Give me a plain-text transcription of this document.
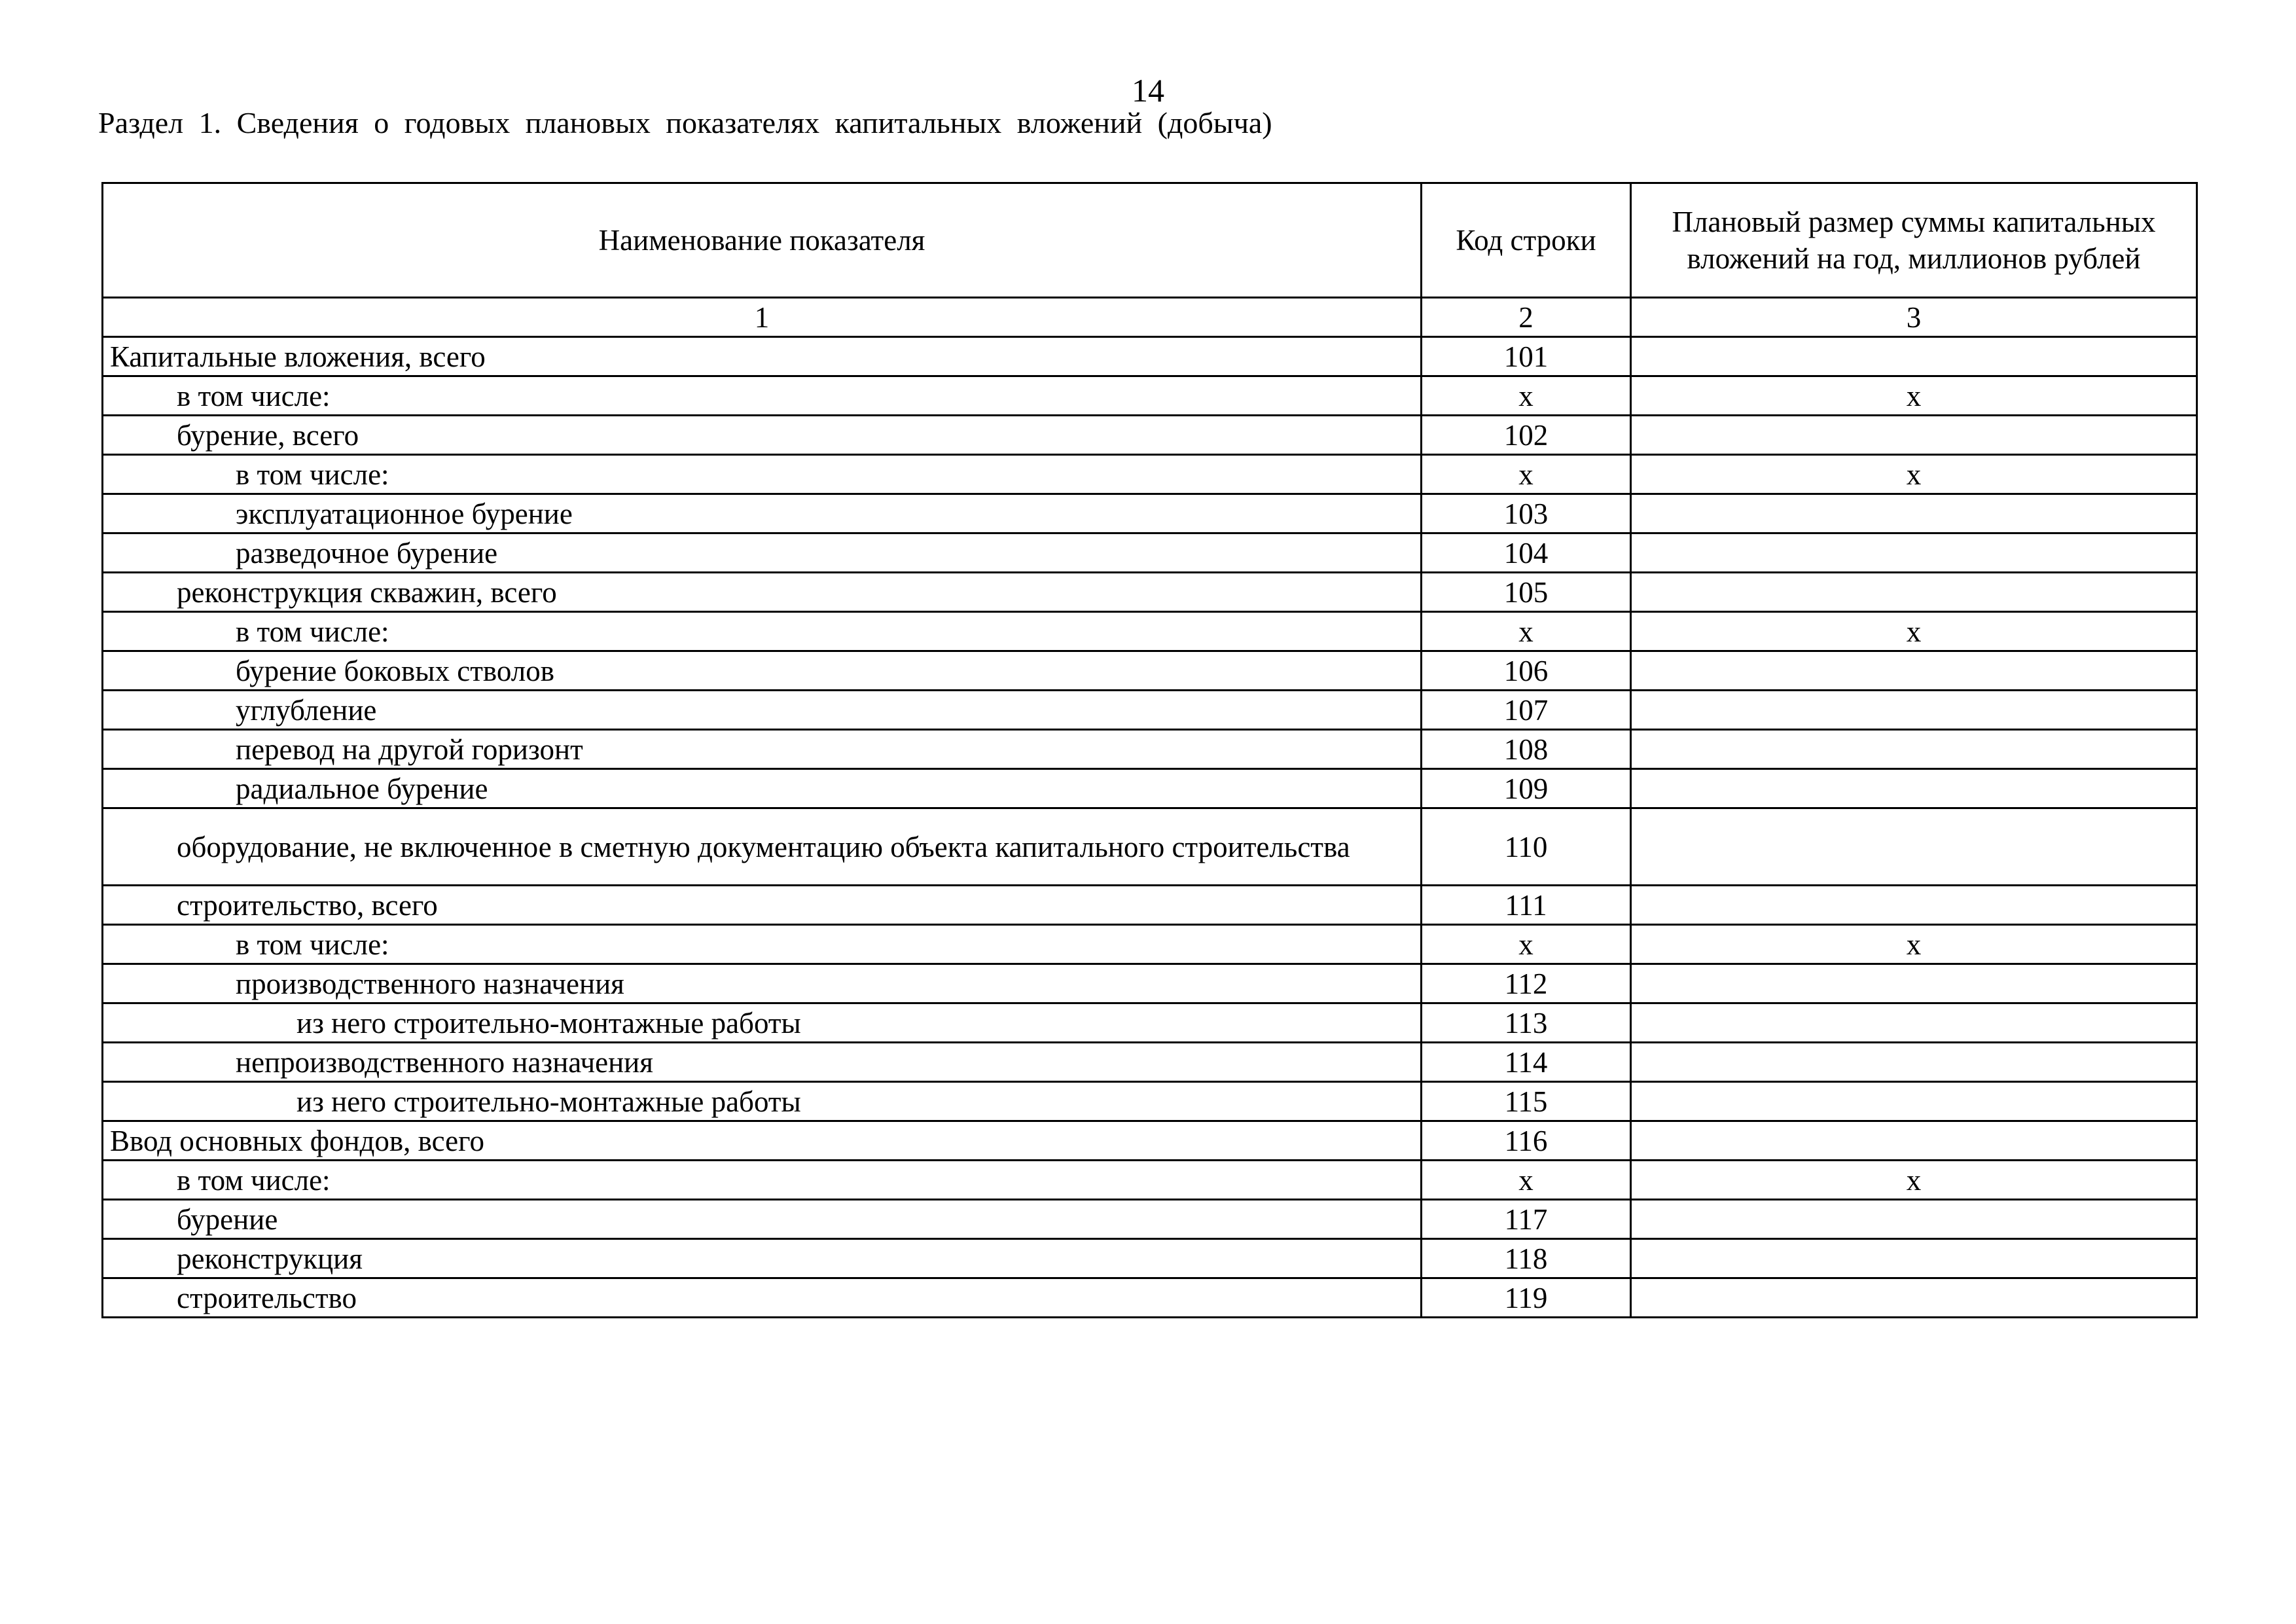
14
Раздел 1. Сведения о годовых плановых показателях капитальных вложений (добыча)
Наименование показателя	Код строки	Плановый размер суммы капитальных вложений на год, миллионов рублей
1	2	3
Капитальные вложения, всего	101	
в том числе:	х	х
бурение, всего	102	
в том числе:	х	х
эксплуатационное бурение	103	
разведочное бурение	104	
реконструкция скважин, всего	105	
в том числе:	х	х
бурение боковых стволов	106	
углубление	107	
перевод на другой горизонт	108	
радиальное бурение	109	
оборудование, не включенное в сметную документацию объекта капитального строительства	110	
строительство, всего	111	
в том числе:	х	х
производственного назначения	112	
из него строительно-монтажные работы	113	
непроизводственного назначения	114	
из него строительно-монтажные работы	115	
Ввод основных фондов, всего	116	
в том числе:	х	х
бурение	117	
реконструкция	118	
строительство	119	
